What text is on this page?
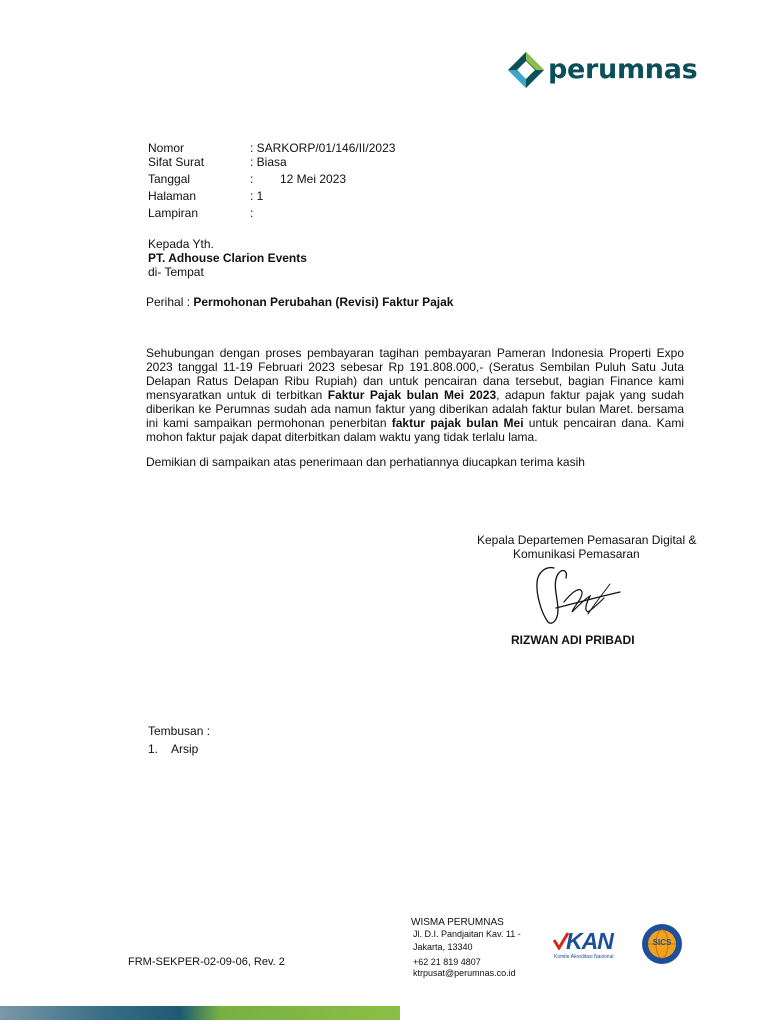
perumnas
Nomor	: SARKORP/01/146/II/2023
Sifat Surat	: Biasa
Tanggal	: 12 Mei 2023
Halaman	: 1
Lampiran	:
Kepada Yth.
PT. Adhouse Clarion Events
di- Tempat
Perihal : Permohonan Perubahan (Revisi) Faktur Pajak
Sehubungan dengan proses pembayaran tagihan pembayaran Pameran Indonesia Properti Expo 2023 tanggal 11-19 Februari 2023 sebesar Rp 191.808.000,- (Seratus Sembilan Puluh Satu Juta Delapan Ratus Delapan Ribu Rupiah) dan untuk pencairan dana tersebut, bagian Finance kami mensyaratkan untuk di terbitkan Faktur Pajak bulan Mei 2023, adapun faktur pajak yang sudah diberikan ke Perumnas sudah ada namun faktur yang diberikan adalah faktur bulan Maret. bersama ini kami sampaikan permohonan penerbitan faktur pajak bulan Mei untuk pencairan dana. Kami mohon faktur pajak dapat diterbitkan dalam waktu yang tidak terlalu lama.
Demikian di sampaikan atas penerimaan dan perhatiannya diucapkan terima kasih
Kepala Departemen Pemasaran Digital &
Komunikasi Pemasaran
RIZWAN ADI PRIBADI
Tembusan :
1. Arsip
FRM-SEKPER-02-09-06, Rev. 2
WISMA PERUMNAS
Jl. D.I. Pandjaitan Kav. 11 -
Jakarta, 13340
+62 21 819 4807
ktrpusat@perumnas.co.id
KAN
Komite Akreditasi Nasional
SICS
